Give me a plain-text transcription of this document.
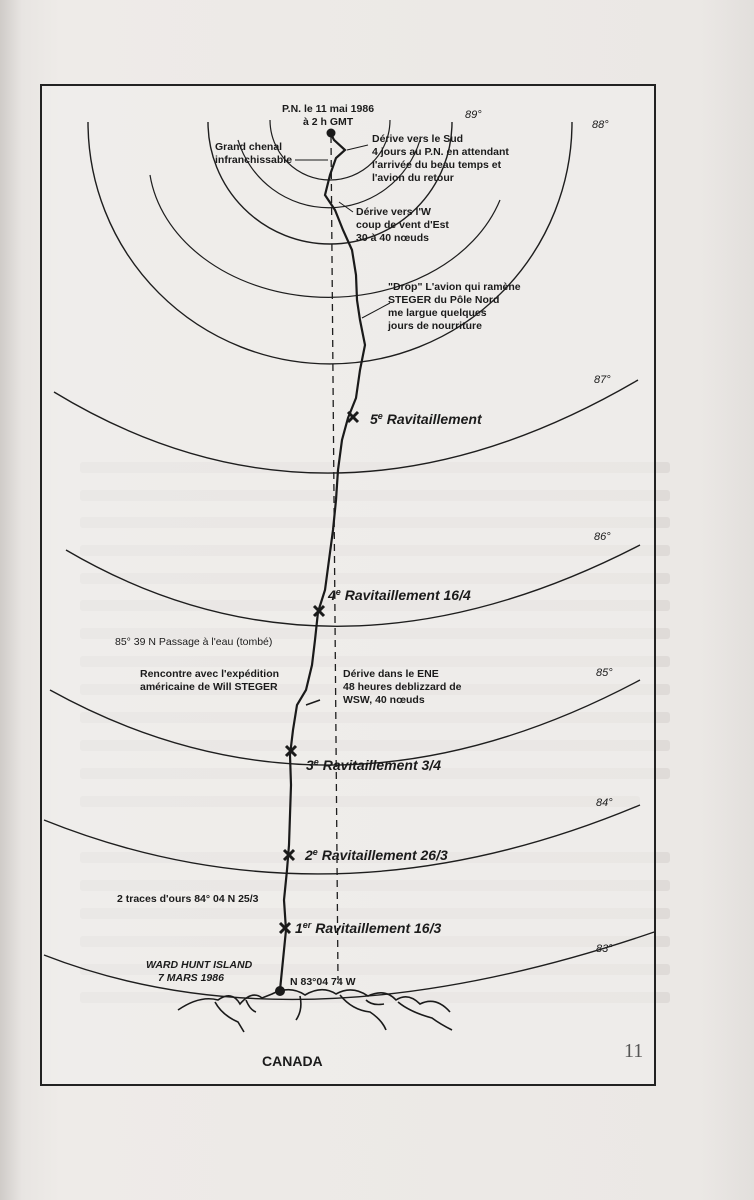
89°
88°
87°
86°
85°
84°
83°
P.N. le 11 mai 1986
à 2 h GMT
Grand chenal
infranchissable
Dérive vers le Sud
4 jours au P.N. en attendant
l'arrivée du beau temps et
l'avion du retour
Dérive vers l'W
coup de vent d'Est
30 à 40 nœuds
"Drop" L'avion qui ramène
STEGER du Pôle Nord
me largue quelques
jours de nourriture
5e Ravitaillement
4e Ravitaillement 16/4
3e Ravitaillement 3/4
2e Ravitaillement 26/3
1er Ravitaillement 16/3
85° 39 N Passage à l'eau (tombé)
Rencontre avec l'expédition
américaine de Will STEGER
Dérive dans le ENE
48 heures deblizzard de
WSW, 40 nœuds
2 traces d'ours 84° 04 N 25/3
WARD HUNT ISLAND
7 MARS 1986	N 83°04 74 W
CANADA	11
